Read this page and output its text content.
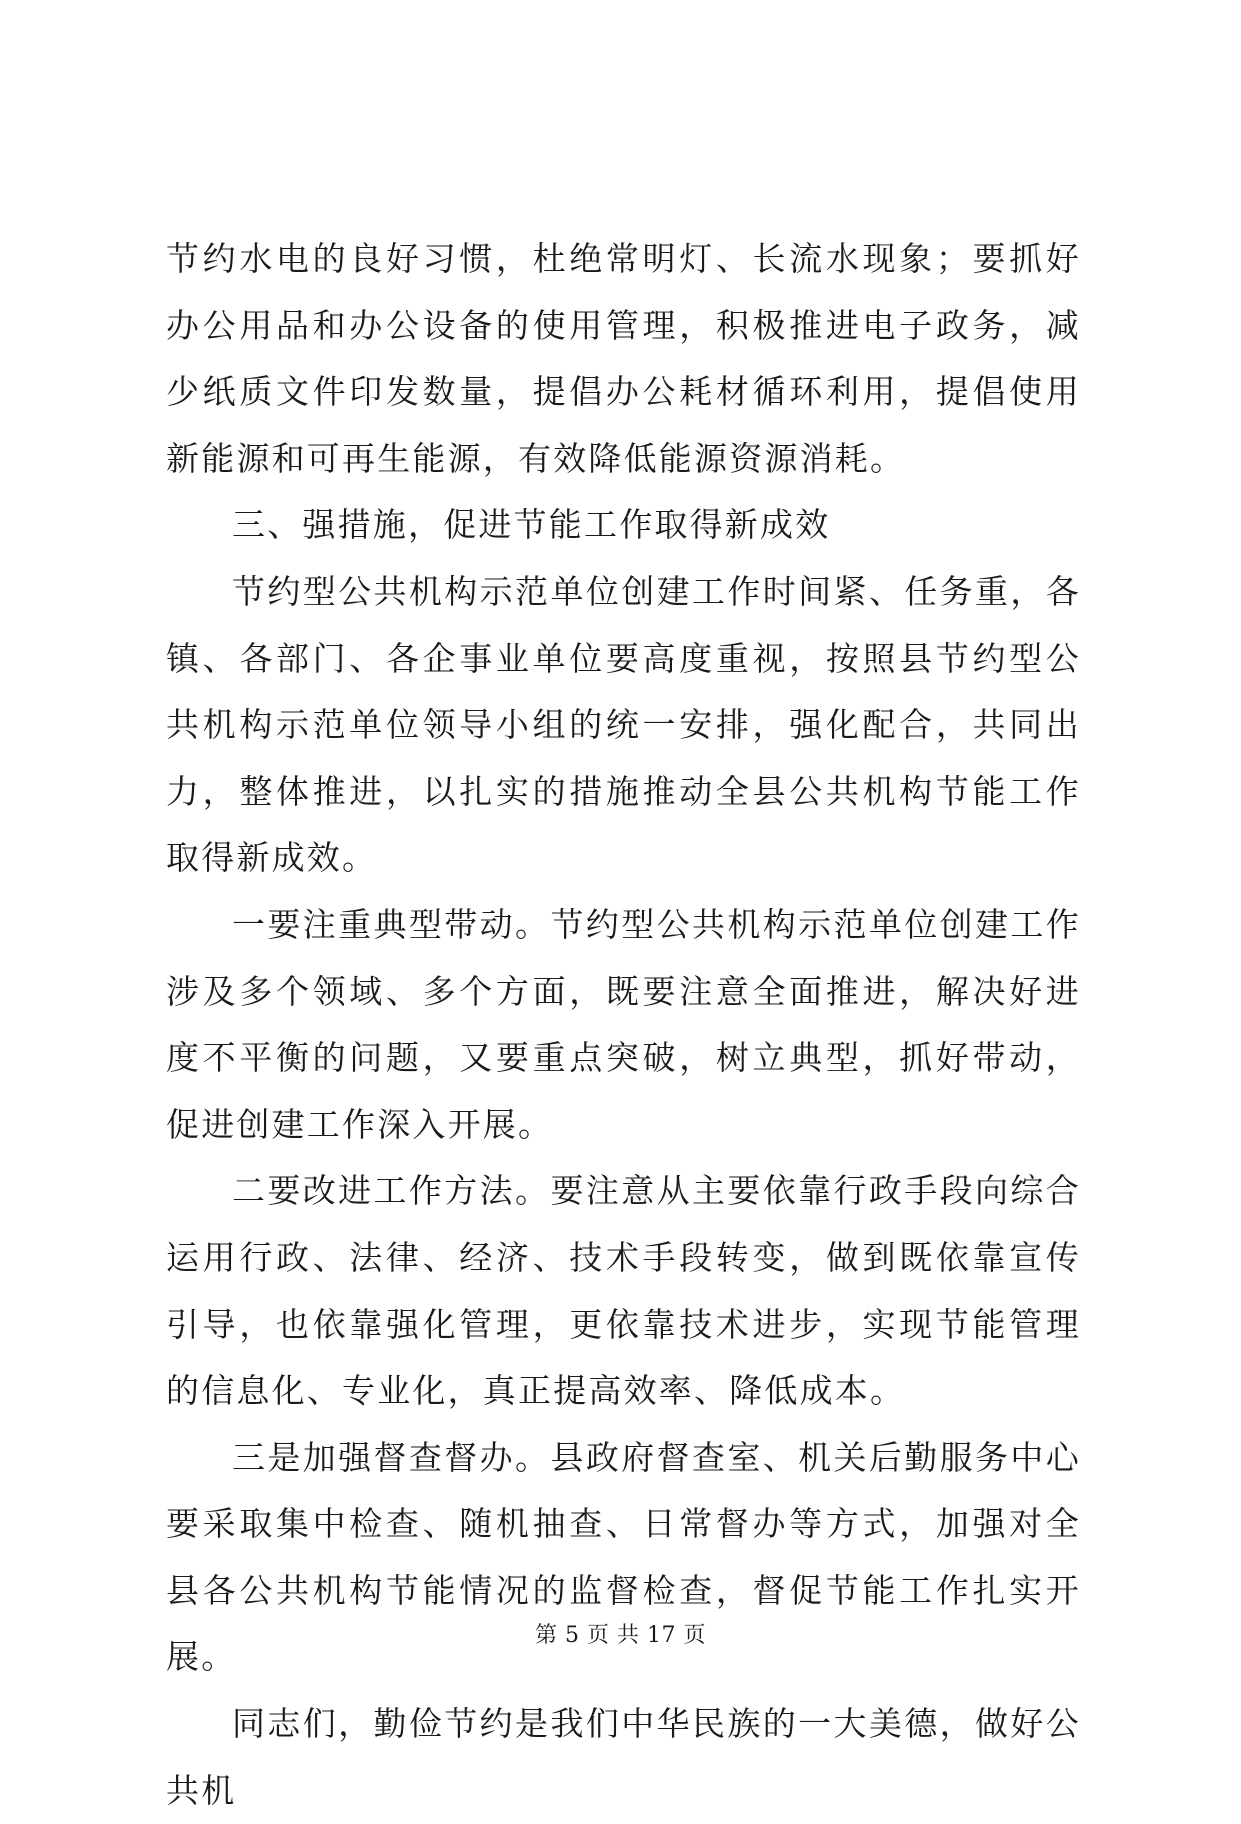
节约水电的良好习惯，杜绝常明灯、长流水现象；要抓好办公用品和办公设备的使用管理，积极推进电子政务，减少纸质文件印发数量，提倡办公耗材循环利用，提倡使用新能源和可再生能源，有效降低能源资源消耗。

三、强措施，促进节能工作取得新成效

节约型公共机构示范单位创建工作时间紧、任务重，各镇、各部门、各企事业单位要高度重视，按照县节约型公共机构示范单位领导小组的统一安排，强化配合，共同出力，整体推进，以扎实的措施推动全县公共机构节能工作取得新成效。

一要注重典型带动。节约型公共机构示范单位创建工作涉及多个领域、多个方面，既要注意全面推进，解决好进度不平衡的问题，又要重点突破，树立典型，抓好带动，促进创建工作深入开展。

二要改进工作方法。要注意从主要依靠行政手段向综合运用行政、法律、经济、技术手段转变，做到既依靠宣传引导，也依靠强化管理，更依靠技术进步，实现节能管理的信息化、专业化，真正提高效率、降低成本。

三是加强督查督办。县政府督查室、机关后勤服务中心要采取集中检查、随机抽查、日常督办等方式，加强对全县各公共机构节能情况的监督检查，督促节能工作扎实开展。

同志们，勤俭节约是我们中华民族的一大美德，做好公共机

第 5 页 共 17 页
